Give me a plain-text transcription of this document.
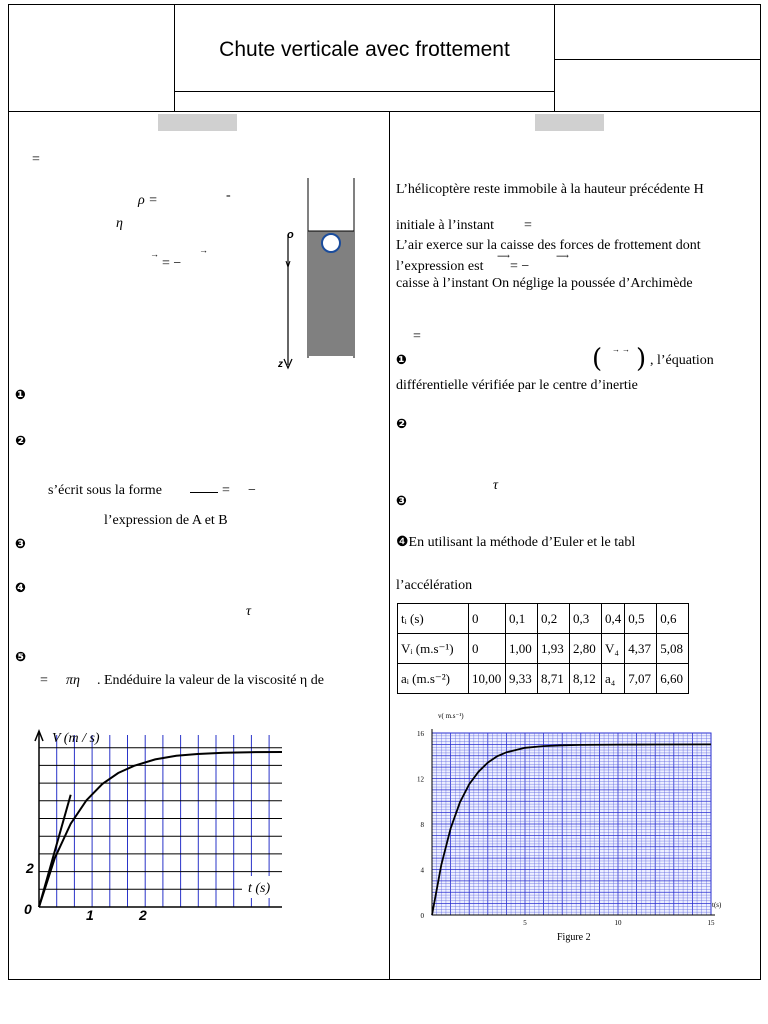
Chute verticale avec frottement
=
ρ =	-
η
→	→
= −
❶
❷
s’écrit sous la forme	= −
l’expression de A et B
❸
❹
τ
❺
= πη . Endéduire la valeur de la viscosité η de
o
z
V (m / s)
t (s)
0
2
1	2
L’hélicoptère reste immobile à la hauteur précédente H
initiale à l’instant =
L’air exerce sur la caisse des forces de frottement dont
⟶	⟶
l’expression est = −
caisse à l’instant On néglige la poussée d’Archimède
=
❶	( → → ) , l’équation
différentielle vérifiée par le centre d’inertie
❷
τ
❸
❹En utilisant la méthode d’Euler et le tabl
l’accélération
tᵢ (s)	0	0,1	0,2	0,3	0,4	0,5	0,6
Vᵢ (m.s⁻¹)	0	1,00	1,93	2,80	V₄	4,37	5,08
aᵢ (m.s⁻²)	10,00	9,33	8,71	8,12	a₄	7,07	6,60
v( m.s⁻¹)
t(s)
16
12
8
4
0
5	10	15
Figure 2
